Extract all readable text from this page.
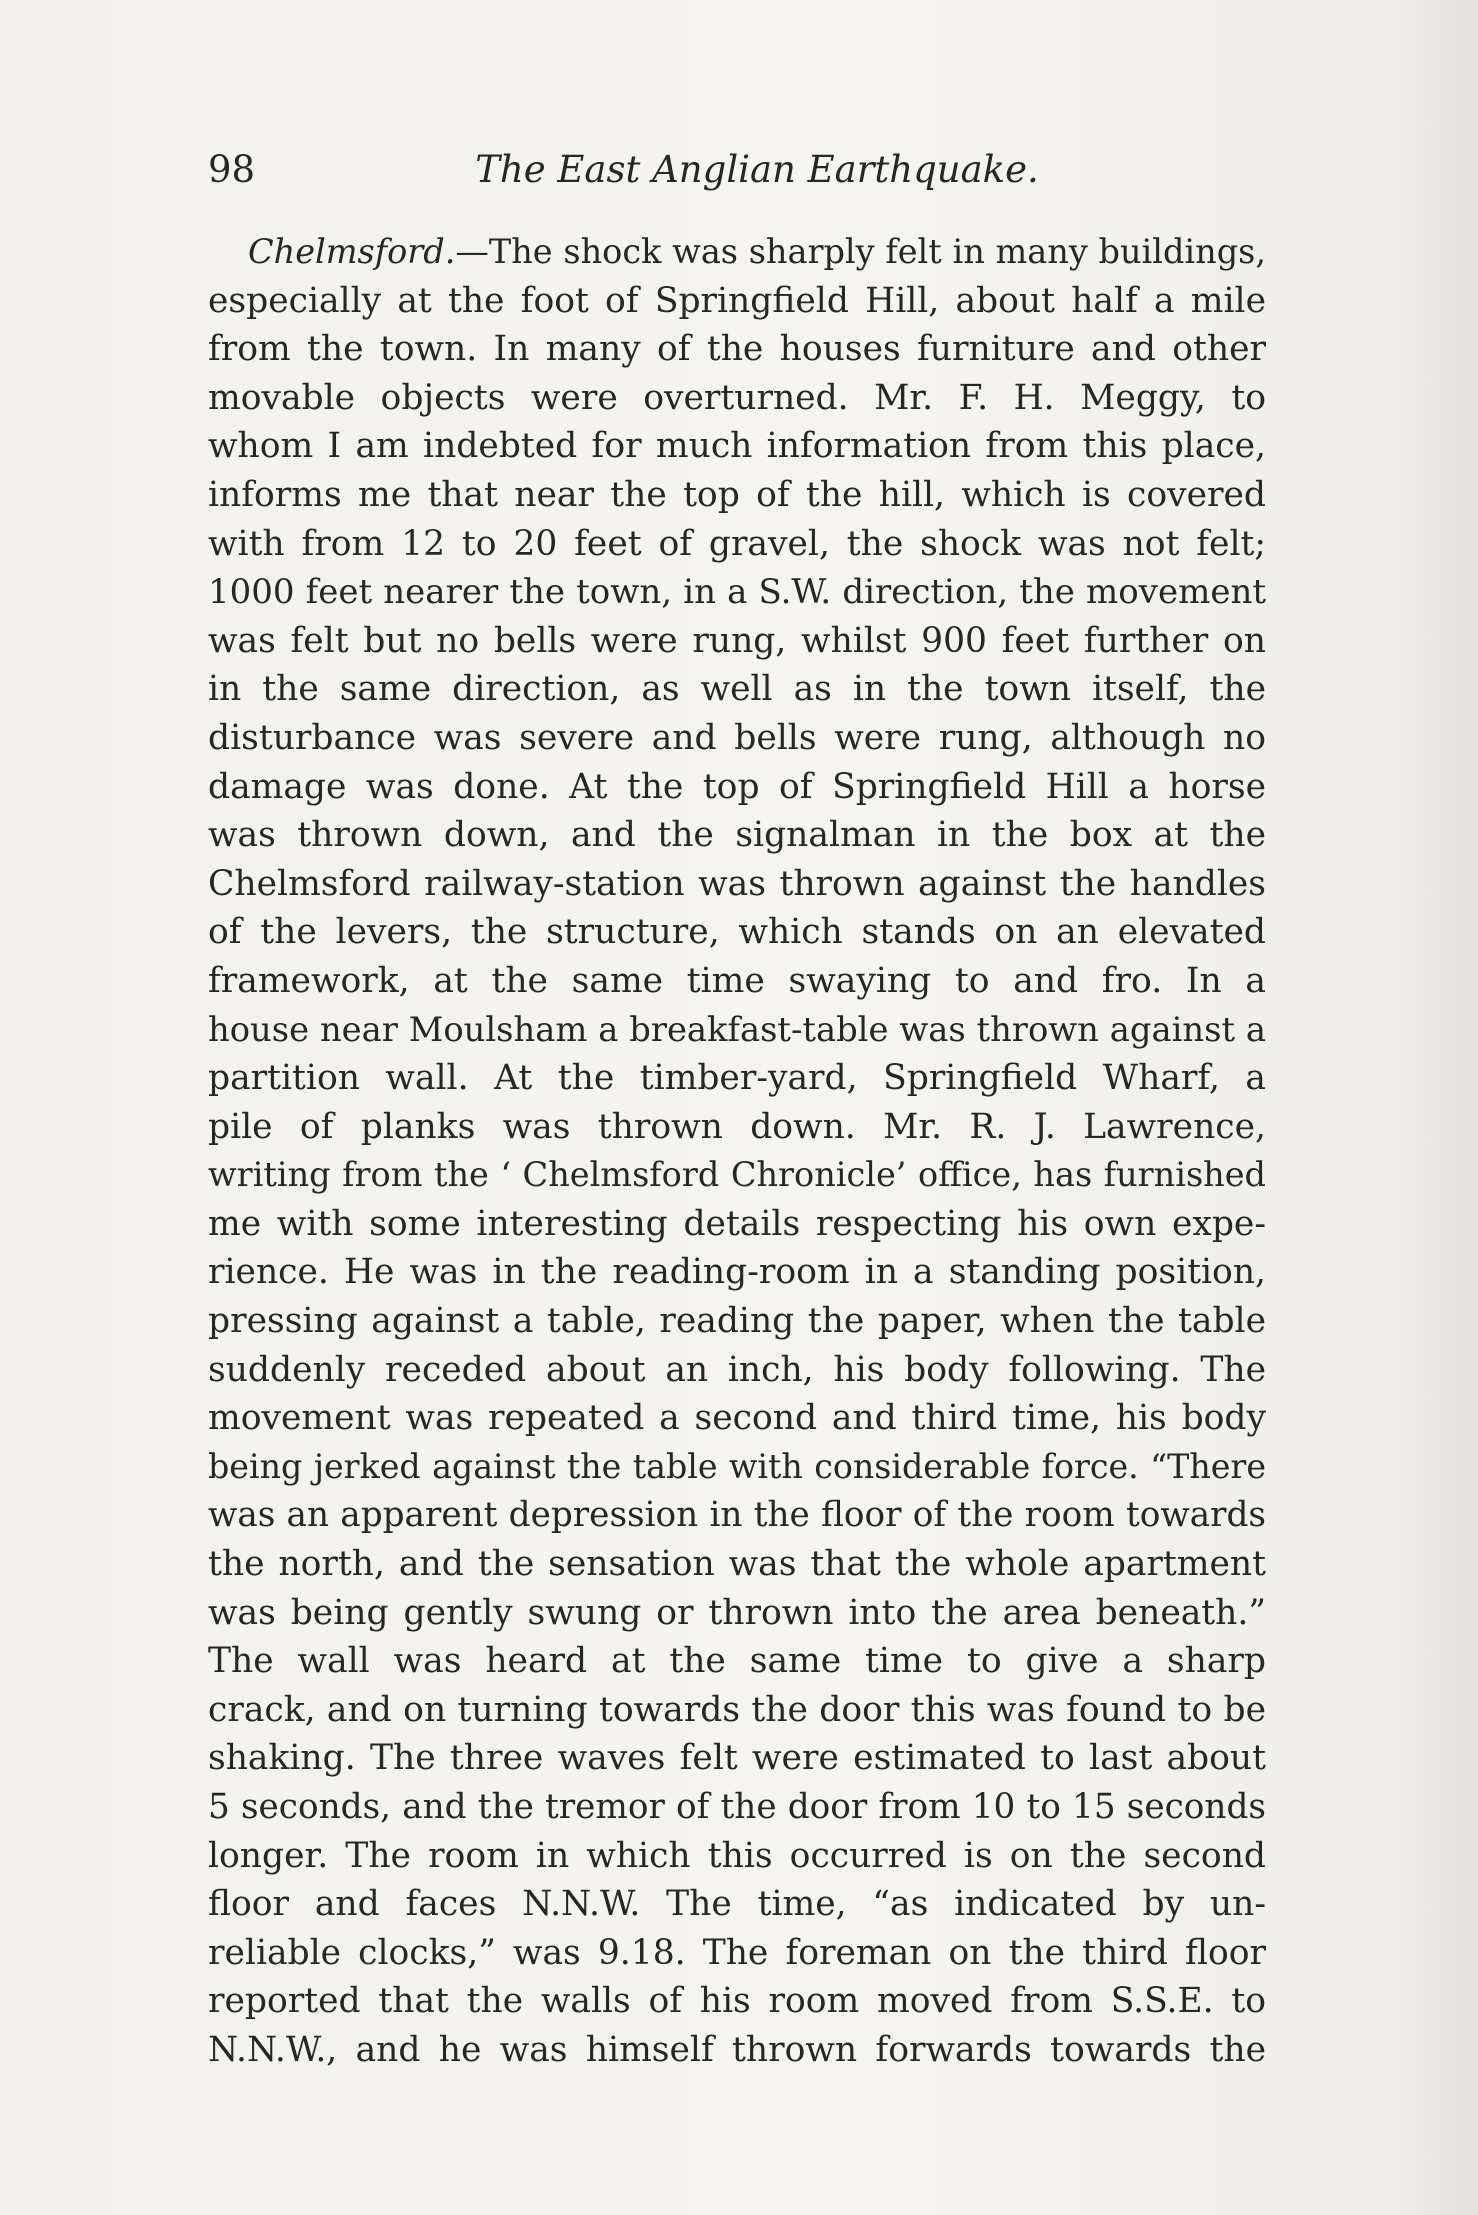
98	The East Anglian Earthquake.
Chelmsford.—The shock was sharply felt in many buildings,
especially at the foot of Springfield Hill, about half a mile
from the town. In many of the houses furniture and other
movable objects were overturned. Mr. F. H. Meggy, to
whom I am indebted for much information from this place,
informs me that near the top of the hill, which is covered
with from 12 to 20 feet of gravel, the shock was not felt;
1000 feet nearer the town, in a S.W. direction, the movement
was felt but no bells were rung, whilst 900 feet further on
in the same direction, as well as in the town itself, the
disturbance was severe and bells were rung, although no
damage was done. At the top of Springfield Hill a horse
was thrown down, and the signalman in the box at the
Chelmsford railway-station was thrown against the handles
of the levers, the structure, which stands on an elevated
framework, at the same time swaying to and fro. In a
house near Moulsham a breakfast-table was thrown against a
partition wall. At the timber-yard, Springfield Wharf, a
pile of planks was thrown down. Mr. R. J. Lawrence,
writing from the ‘ Chelmsford Chronicle’ office, has furnished
me with some interesting details respecting his own expe-
rience. He was in the reading-room in a standing position,
pressing against a table, reading the paper, when the table
suddenly receded about an inch, his body following. The
movement was repeated a second and third time, his body
being jerked against the table with considerable force. “There
was an apparent depression in the floor of the room towards
the north, and the sensation was that the whole apartment
was being gently swung or thrown into the area beneath.”
The wall was heard at the same time to give a sharp
crack, and on turning towards the door this was found to be
shaking. The three waves felt were estimated to last about
5 seconds, and the tremor of the door from 10 to 15 seconds
longer. The room in which this occurred is on the second
floor and faces N.N.W. The time, “as indicated by un-
reliable clocks,” was 9.18. The foreman on the third floor
reported that the walls of his room moved from S.S.E. to
N.N.W., and he was himself thrown forwards towards the
